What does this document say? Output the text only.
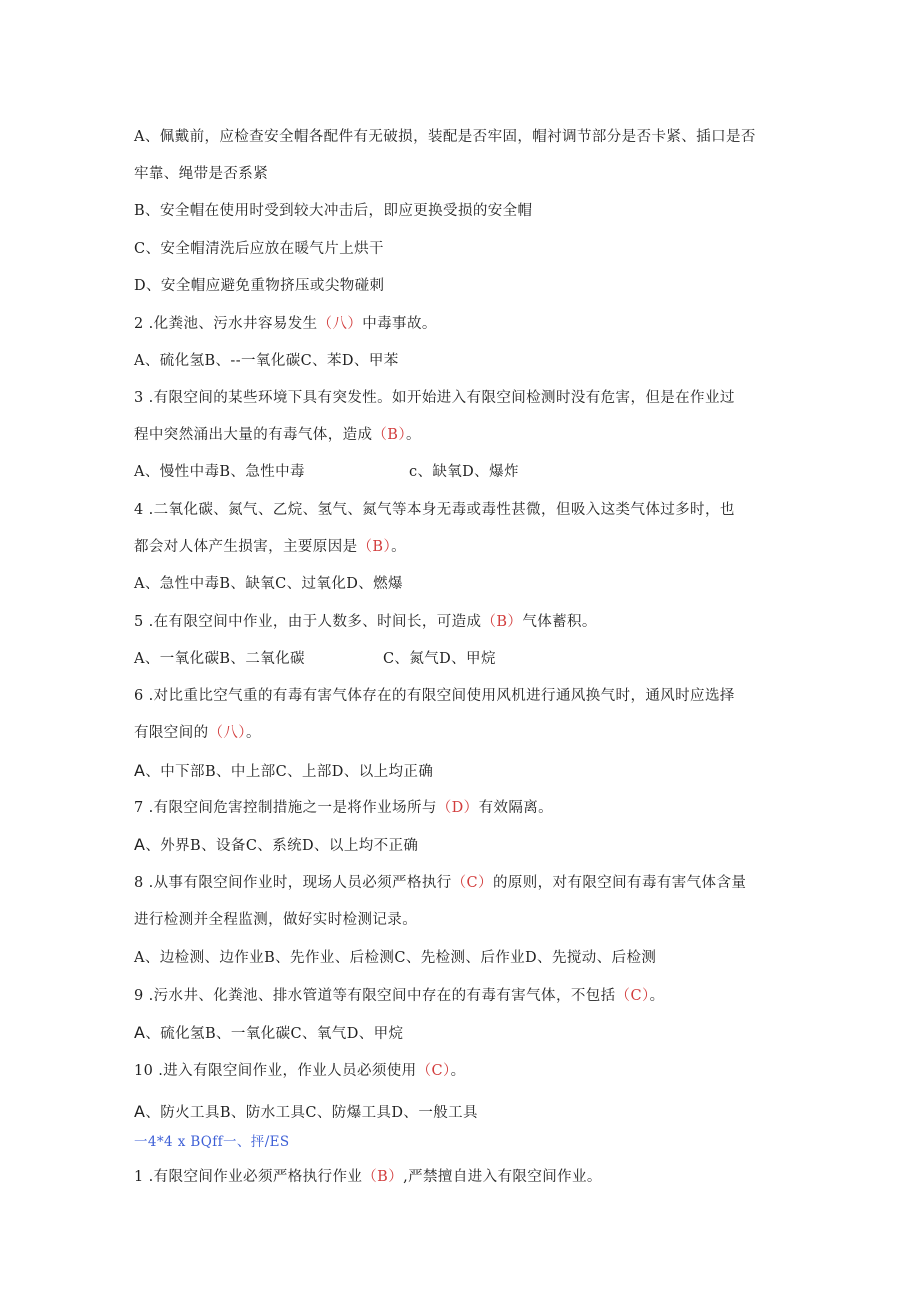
A、佩戴前，应检查安全帽各配件有无破损，装配是否牢固，帽衬调节部分是否卡紧、插口是否
牢靠、绳带是否系紧
B、安全帽在使用时受到较大冲击后，即应更换受损的安全帽
C、安全帽清洗后应放在暖气片上烘干
D、安全帽应避免重物挤压或尖物碰刺
2 .化粪池、污水井容易发生（八）中毒事故。
A、硫化氢B、--一氧化碳C、苯D、甲苯
3 .有限空间的某些环境下具有突发性。如开始进入有限空间检测时没有危害，但是在作业过
程中突然涌出大量的有毒气体，造成（B）。
A、慢性中毒B、急性中毒	c、缺氧D、爆炸
4 .二氧化碳、氮气、乙烷、氢气、氮气等本身无毒或毒性甚微，但吸入这类气体过多时，也
都会对人体产生损害，主要原因是（B）。
A、急性中毒B、缺氧C、过氧化D、燃爆
5 .在有限空间中作业，由于人数多、时间长，可造成（B）气体蓄积。
A、一氧化碳B、二氧化碳	C、氮气D、甲烷
6 .对比重比空气重的有毒有害气体存在的有限空间使用风机进行通风换气时，通风时应选择
有限空间的（八）。
A、中下部B、中上部C、上部D、以上均正确
7 .有限空间危害控制措施之一是将作业场所与（D）有效隔离。
A、外界B、设备C、系统D、以上均不正确
8 .从事有限空间作业时，现场人员必须严格执行（C）的原则，对有限空间有毒有害气体含量
进行检测并全程监测，做好实时检测记录。
A、边检测、边作业B、先作业、后检测C、先检测、后作业D、先搅动、后检测
9 .污水井、化粪池、排水管道等有限空间中存在的有毒有害气体，不包括（C）。
A、硫化氢B、一氧化碳C、氧气D、甲烷
10 .进入有限空间作业，作业人员必须使用（C）。
A、防火工具B、防水工具C、防爆工具D、一般工具
一4*4 x BQff一、抨/ES
1 .有限空间作业必须严格执行作业（B）,严禁擅自进入有限空间作业。
